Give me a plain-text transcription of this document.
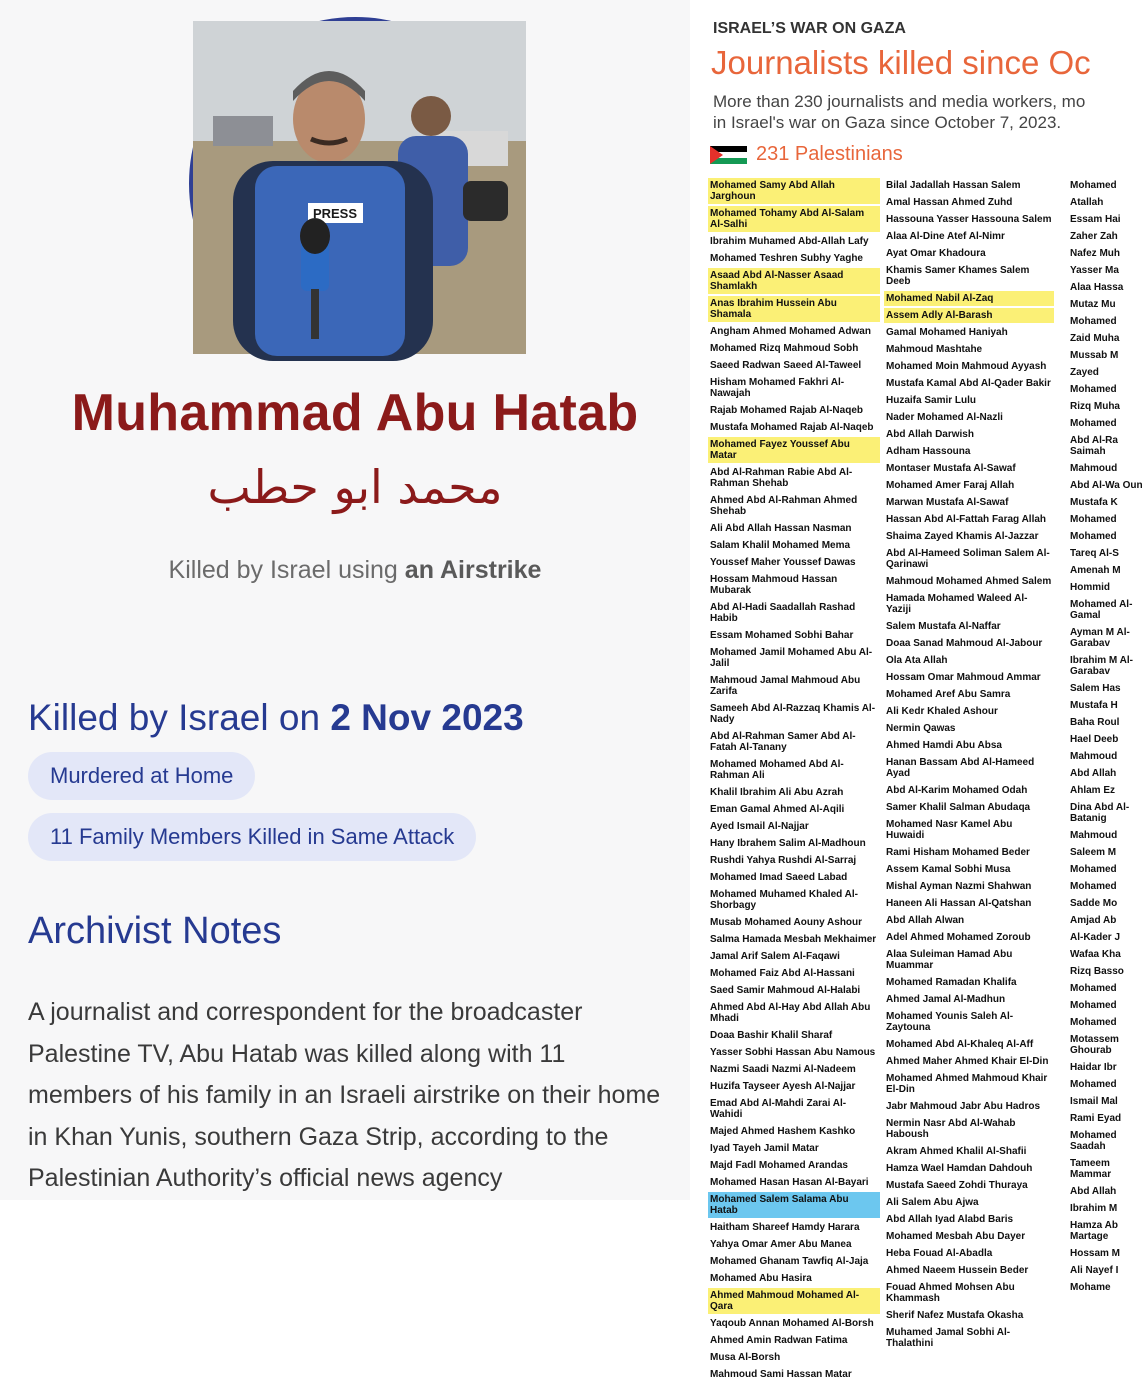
PRESS
Muhammad Abu Hatab
محمد ابو حطب
Killed by Israel using an Airstrike
Killed by Israel on 2 Nov 2023
Murdered at Home
11 Family Members Killed in Same Attack
Archivist Notes
A journalist and correspondent for the broadcaster Palestine TV, Abu Hatab was killed along with 11 members of his family in an Israeli airstrike on their home in Khan Yunis, southern Gaza Strip, according to the Palestinian Authority’s official news agency
ISRAEL’S WAR ON GAZA
Journalists killed since Oc
More than 230 journalists and media workers, mo
in Israel's war on Gaza since October 7, 2023.
231 Palestinians
Mohamed Samy Abd Allah Jarghoun
Mohamed Tohamy Abd Al-Salam Al-Salhi
Ibrahim Muhamed Abd-Allah Lafy
Mohamed Teshren Subhy Yaghe
Asaad Abd Al-Nasser Asaad Shamlakh
Anas Ibrahim Hussein Abu Shamala
Angham Ahmed Mohamed Adwan
Mohamed Rizq Mahmoud Sobh
Saeed Radwan Saeed Al-Taweel
Hisham Mohamed Fakhri Al-Nawajah
Rajab Mohamed Rajab Al-Naqeb
Mustafa Mohamed Rajab Al-Naqeb
Mohamed Fayez Youssef Abu Matar
Abd Al-Rahman Rabie Abd Al-Rahman Shehab
Ahmed Abd Al-Rahman Ahmed Shehab
Ali Abd Allah Hassan Nasman
Salam Khalil Mohamed Mema
Youssef Maher Youssef Dawas
Hossam Mahmoud Hassan Mubarak
Abd Al-Hadi Saadallah Rashad Habib
Essam Mohamed Sobhi Bahar
Mohamed Jamil Mohamed Abu Al-Jalil
Mahmoud Jamal Mahmoud Abu Zarifa
Sameeh Abd Al-Razzaq Khamis Al-Nady
Abd Al-Rahman Samer Abd Al-Fatah Al-Tanany
Mohamed Mohamed Abd Al-Rahman Ali
Khalil Ibrahim Ali Abu Azrah
Eman Gamal Ahmed Al-Aqili
Ayed Ismail Al-Najjar
Hany Ibrahem Salim Al-Madhoun
Rushdi Yahya Rushdi Al-Sarraj
Mohamed Imad Saeed Labad
Mohamed Muhamed Khaled Al-Shorbagy
Musab Mohamed Aouny Ashour
Salma Hamada Mesbah Mekhaimer
Jamal Arif Salem Al-Faqawi
Mohamed Faiz Abd Al-Hassani
Saed Samir Mahmoud Al-Halabi
Ahmed Abd Al-Hay Abd Allah Abu Mhadi
Doaa Bashir Khalil Sharaf
Yasser Sobhi Hassan Abu Namous
Nazmi Saadi Nazmi Al-Nadeem
Huzifa Tayseer Ayesh Al-Najjar
Emad Abd Al-Mahdi Zarai Al-Wahidi
Majed Ahmed Hashem Kashko
Iyad Tayeh Jamil Matar
Majd Fadl Mohamed Arandas
Mohamed Hasan Hasan Al-Bayari
Mohamed Salem Salama Abu Hatab
Haitham Shareef Hamdy Harara
Yahya Omar Amer Abu Manea
Mohamed Ghanam Tawfiq Al-Jaja
Mohamed Abu Hasira
Ahmed Mahmoud Mohamed Al-Qara
Yaqoub Annan Mohamed Al-Borsh
Ahmed Amin Radwan Fatima
Musa Al-Borsh
Mahmoud Sami Hassan Matar
Bilal Jadallah Hassan Salem
Amal Hassan Ahmed Zuhd
Hassouna Yasser Hassouna Salem
Alaa Al-Dine Atef Al-Nimr
Ayat Omar Khadoura
Khamis Samer Khames Salem Deeb
Mohamed Nabil Al-Zaq
Assem Adly Al-Barash
Gamal Mohamed Haniyah
Mahmoud Mashtahe
Mohamed Moin Mahmoud Ayyash
Mustafa Kamal Abd Al-Qader Bakir
Huzaifa Samir Lulu
Nader Mohamed Al-Nazli
Abd Allah Darwish
Adham Hassouna
Montaser Mustafa Al-Sawaf
Mohamed Amer Faraj Allah
Marwan Mustafa Al-Sawaf
Hassan Abd Al-Fattah Farag Allah
Shaima Zayed Khamis Al-Jazzar
Abd Al-Hameed Soliman Salem Al-Qarinawi
Mahmoud Mohamed Ahmed Salem
Hamada Mohamed Waleed Al-Yaziji
Salem Mustafa Al-Naffar
Doaa Sanad Mahmoud Al-Jabour
Ola Ata Allah
Hossam Omar Mahmoud Ammar
Mohamed Aref Abu Samra
Ali Kedr Khaled Ashour
Nermin Qawas
Ahmed Hamdi Abu Absa
Hanan Bassam Abd Al-Hameed Ayad
Abd Al-Karim Mohamed Odah
Samer Khalil Salman Abudaqa
Mohamed Nasr Kamel Abu Huwaidi
Rami Hisham Mohamed Beder
Assem Kamal Sobhi Musa
Mishal Ayman Nazmi Shahwan
Haneen Ali Hassan Al-Qatshan
Abd Allah Alwan
Adel Ahmed Mohamed Zoroub
Alaa Suleiman Hamad Abu Muammar
Mohamed Ramadan Khalifa
Ahmed Jamal Al-Madhun
Mohamed Younis Saleh Al-Zaytouna
Mohamed Abd Al-Khaleq Al-Aff
Ahmed Maher Ahmed Khair El-Din
Mohamed Ahmed Mahmoud Khair El-Din
Jabr Mahmoud Jabr Abu Hadros
Nermin Nasr Abd Al-Wahab Haboush
Akram Ahmed Khalil Al-Shafii
Hamza Wael Hamdan Dahdouh
Mustafa Saeed Zohdi Thuraya
Ali Salem Abu Ajwa
Abd Allah Iyad Alabd Baris
Mohamed Mesbah Abu Dayer
Heba Fouad Al-Abadla
Ahmed Naeem Hussein Beder
Fouad Ahmed Mohsen Abu Khammash
Sherif Nafez Mustafa Okasha
Muhamed Jamal Sobhi Al-Thalathini
Mohamed
Atallah
Essam Hai
Zaher Zah
Nafez Muh
Yasser Ma
Alaa Hassa
Mutaz Mu
Mohamed
Zaid Muha
Mussab M
Zayed
Mohamed
Rizq Muha
Mohamed
Abd Al-Ra Saimah
Mahmoud
Abd Al-Wa Oun
Mustafa K
Mohamed
Mohamed
Tareq Al-S
Amenah M
Hommid
Mohamed Al-Gamal
Ayman M Al-Garabav
Ibrahim M Al-Garabav
Salem Has
Mustafa H
Baha Roul
Hael Deeb
Mahmoud
Abd Allah
Ahlam Ez
Dina Abd Al-Batanig
Mahmoud
Saleem M
Mohamed
Mohamed
Sadde Mo
Amjad Ab
Al-Kader J
Wafaa Kha
Rizq Basso
Mohamed
Mohamed
Mohamed
Motassem Ghourab
Haidar Ibr
Mohamed
Ismail Mal
Rami Eyad
Mohamed Saadah
Tameem Mammar
Abd Allah
Ibrahim M
Hamza Ab Martage
Hossam M
Ali Nayef I
Mohame
